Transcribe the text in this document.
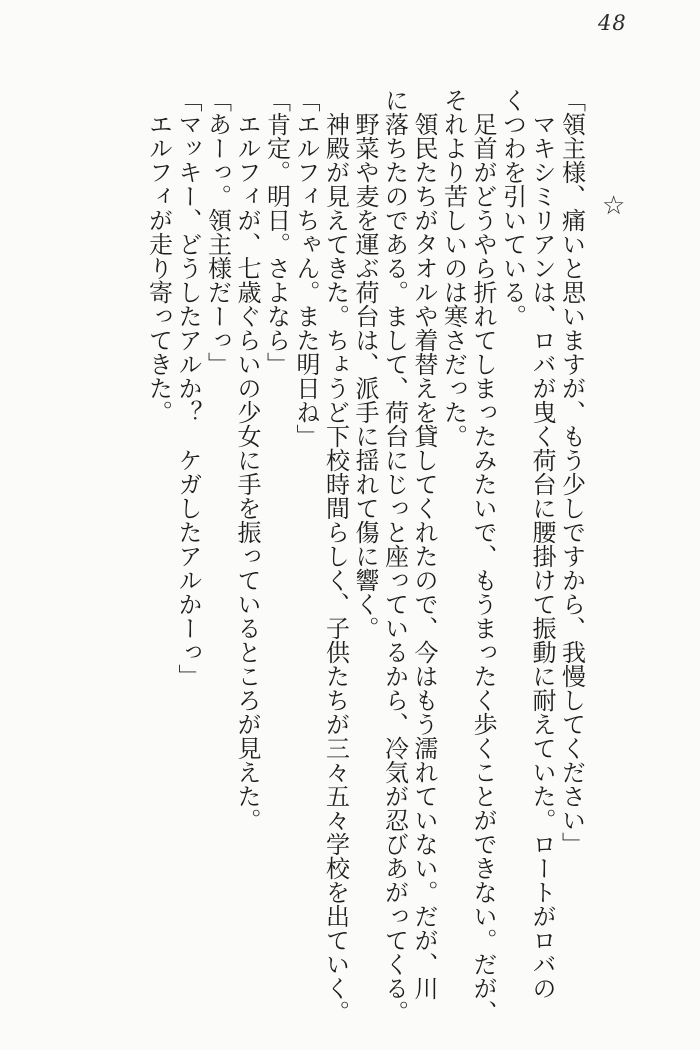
48
☆
「領主様、痛いと思いますが、もう少しですから、我慢してください」
マキシミリアンは、ロバが曳く荷台に腰掛けて振動に耐えていた。ロートがロバの
くつわを引いている。
足首がどうやら折れてしまったみたいで、もうまったく歩くことができない。だが、
それより苦しいのは寒さだった。
領民たちがタオルや着替えを貸してくれたので、今はもう濡れていない。だが、川
に落ちたのである。まして、荷台にじっと座っているから、冷気が忍びあがってくる。
野菜や麦を運ぶ荷台は、派手に揺れて傷に響く。
神殿が見えてきた。ちょうど下校時間らしく、子供たちが三々五々学校を出ていく。
「エルフィちゃん。また明日ね」
「肯定。明日。さよなら」
エルフィが、七歳ぐらいの少女に手を振っているところが見えた。
「あーっ。領主様だーっ」
「マッキー、どうしたアルか？　ケガしたアルかーっ」
エルフィが走り寄ってきた。
